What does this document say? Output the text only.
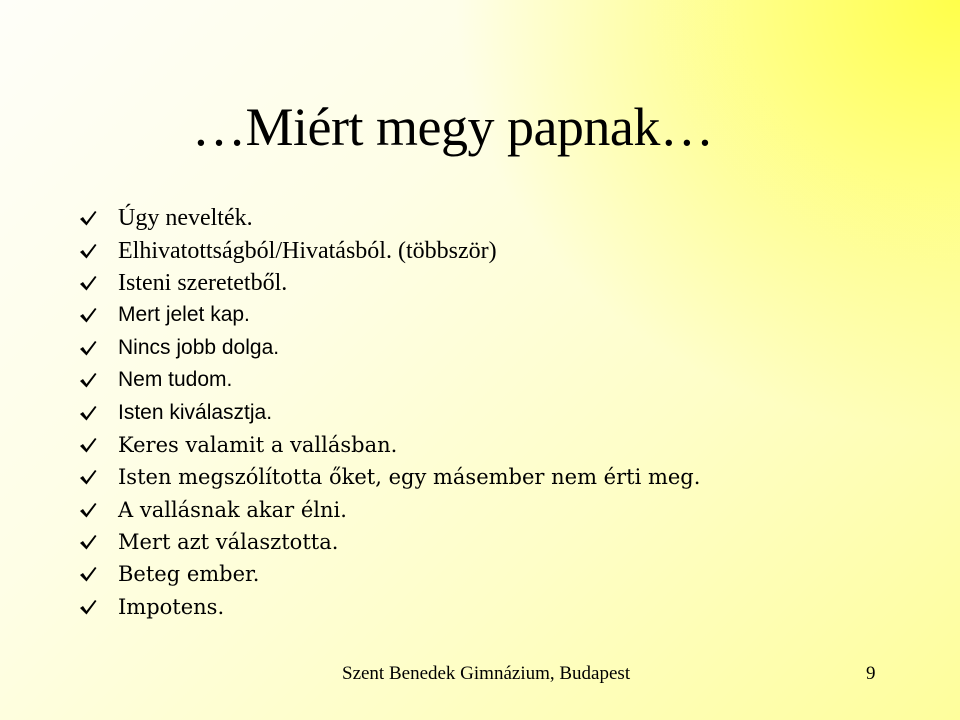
…Miért megy papnak…
Úgy nevelték.
Elhivatottságból/Hivatásból. (többször)
Isteni szeretetből.
Mert jelet kap.
Nincs jobb dolga.
Nem tudom.
Isten kiválasztja.
Keres valamit a vallásban.
Isten megszólította őket, egy másember nem érti meg.
A vallásnak akar élni.
Mert azt választotta.
Beteg ember.
Impotens.
Szent Benedek Gimnázium, Budapest	9
